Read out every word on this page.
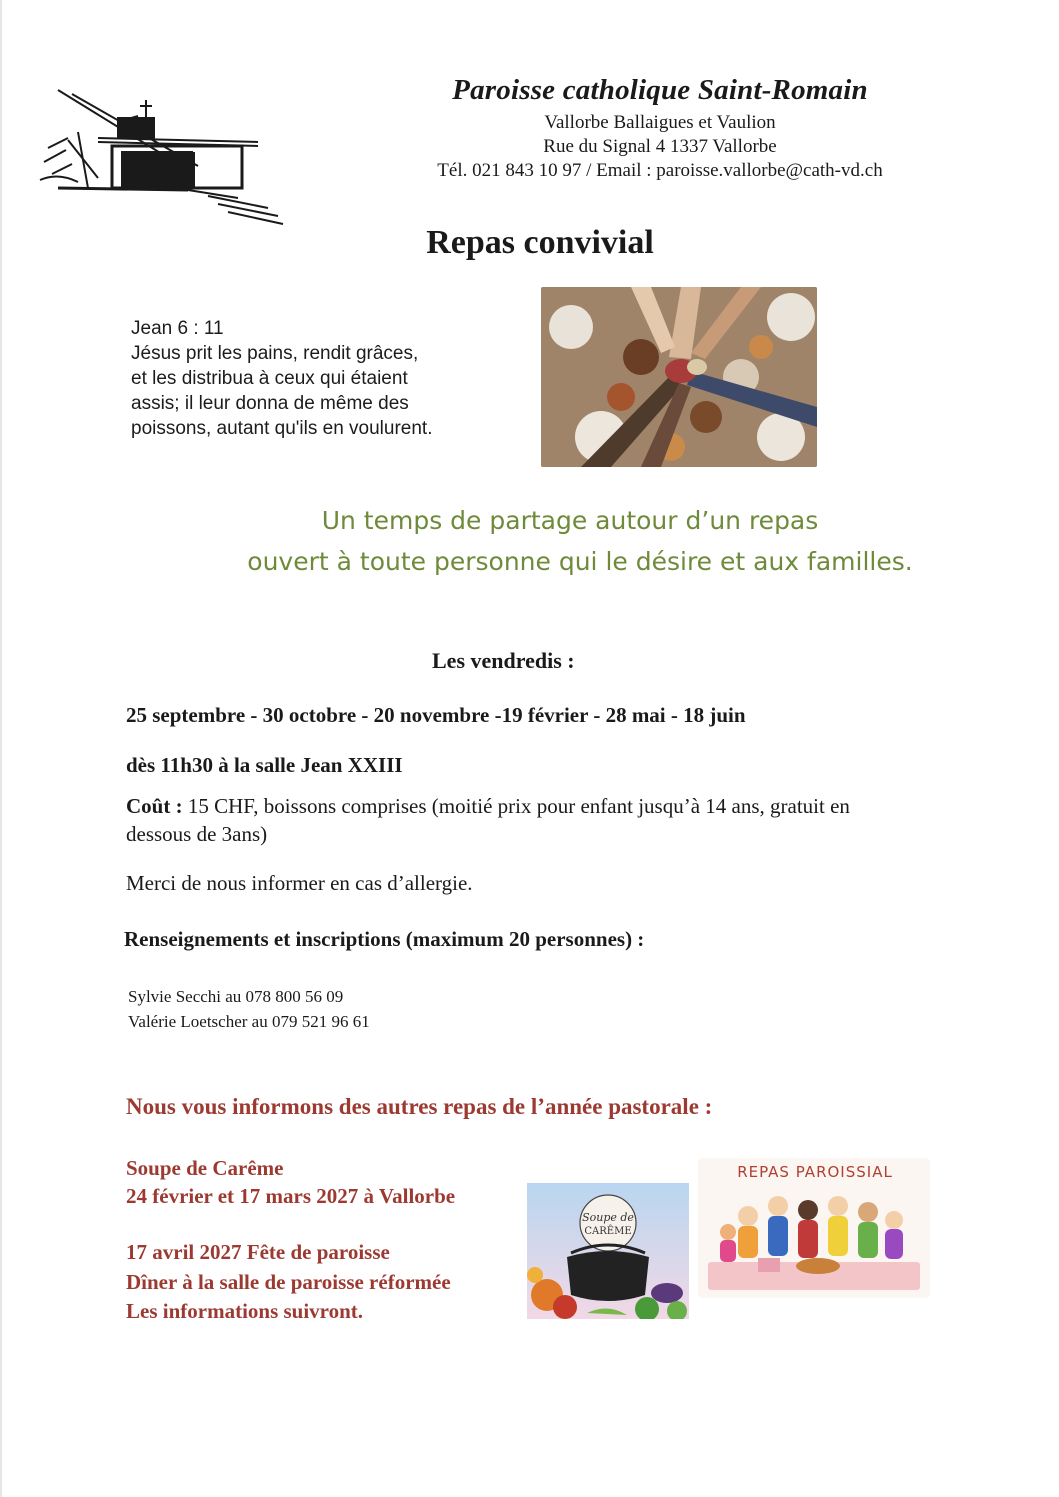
Paroisse catholique Saint-Romain
Vallorbe Ballaigues et Vaulion
Rue du Signal 4 1337 Vallorbe
Tél. 021 843 10 97 / Email : paroisse.vallorbe@cath-vd.ch
Repas convivial
Jean 6 : 11
Jésus prit les pains, rendit grâces,
et les distribua à ceux qui étaient
assis; il leur donna de même des
poissons, autant qu'ils en voulurent.
Un temps de partage autour d’un repas
ouvert à toute personne qui le désire et aux familles.
Les vendredis :
25 septembre - 30 octobre - 20 novembre -19 février - 28 mai - 18 juin
dès 11h30 à la salle Jean XXIII
Coût : 15 CHF, boissons comprises (moitié prix pour enfant jusqu’à 14 ans, gratuit en
dessous de 3ans)
Merci de nous informer en cas d’allergie.
Renseignements et inscriptions (maximum 20 personnes) :
Sylvie Secchi au 078 800 56 09
Valérie Loetscher au 079 521 96 61
Nous vous informons des autres repas de l’année pastorale :
Soupe de Carême
24 février et 17 mars 2027 à Vallorbe
17 avril 2027 Fête de paroisse
Dîner à la salle de paroisse réformée
Les informations suivront.
Soupe de
CARÊME
REPAS PAROISSIAL
